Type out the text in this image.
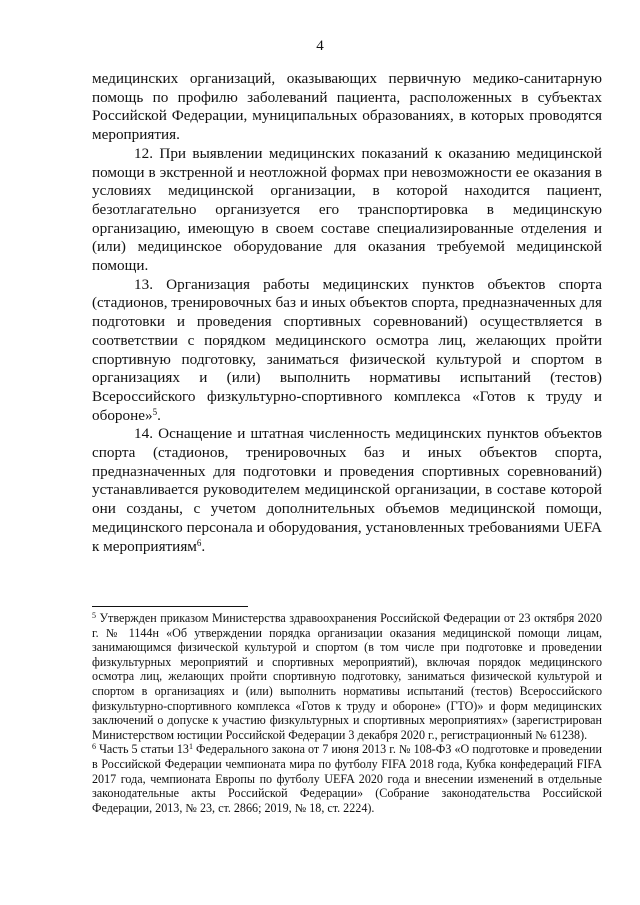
4

медицинских организаций, оказывающих первичную медико-санитарную помощь по профилю заболеваний пациента, расположенных в субъектах Российской Федерации, муниципальных образованиях, в которых проводятся мероприятия.

12. При выявлении медицинских показаний к оказанию медицинской помощи в экстренной и неотложной формах при невозможности ее оказания в условиях медицинской организации, в которой находится пациент, безотлагательно организуется его транспортировка в медицинскую организацию, имеющую в своем составе специализированные отделения и (или) медицинское оборудование для оказания требуемой медицинской помощи.

13. Организация работы медицинских пунктов объектов спорта (стадионов, тренировочных баз и иных объектов спорта, предназначенных для подготовки и проведения спортивных соревнований) осуществляется в соответствии с порядком медицинского осмотра лиц, желающих пройти спортивную подготовку, заниматься физической культурой и спортом в организациях и (или) выполнить нормативы испытаний (тестов) Всероссийского физкультурно-спортивного комплекса «Готов к труду и обороне»$^5$.

14. Оснащение и штатная численность медицинских пунктов объектов спорта (стадионов, тренировочных баз и иных объектов спорта, предназначенных для подготовки и проведения спортивных соревнований) устанавливается руководителем медицинской организации, в составе которой они созданы, с учетом дополнительных объемов медицинской помощи, медицинского персонала и оборудования, установленных требованиями UEFA к мероприятиям$^6$.

$^5$ Утвержден приказом Министерства здравоохранения Российской Федерации от 23 октября 2020 г. № 1144н «Об утверждении порядка организации оказания медицинской помощи лицам, занимающимся физической культурой и спортом (в том числе при подготовке и проведении физкультурных мероприятий и спортивных мероприятий), включая порядок медицинского осмотра лиц, желающих пройти спортивную подготовку, заниматься физической культурой и спортом в организациях и (или) выполнить нормативы испытаний (тестов) Всероссийского физкультурно-спортивного комплекса «Готов к труду и обороне» (ГТО)» и форм медицинских заключений о допуске к участию физкультурных и спортивных мероприятиях» (зарегистрирован Министерством юстиции Российской Федерации 3 декабря 2020 г., регистрационный № 61238).

$^6$ Часть 5 статьи $13^1$ Федерального закона от 7 июня 2013 г. № 108-ФЗ «О подготовке и проведении в Российской Федерации чемпионата мира по футболу FIFA 2018 года, Кубка конфедераций FIFA 2017 года, чемпионата Европы по футболу UEFA 2020 года и внесении изменений в отдельные законодательные акты Российской Федерации» (Собрание законодательства Российской Федерации, 2013, № 23, ст. 2866; 2019, № 18, ст. 2224).
